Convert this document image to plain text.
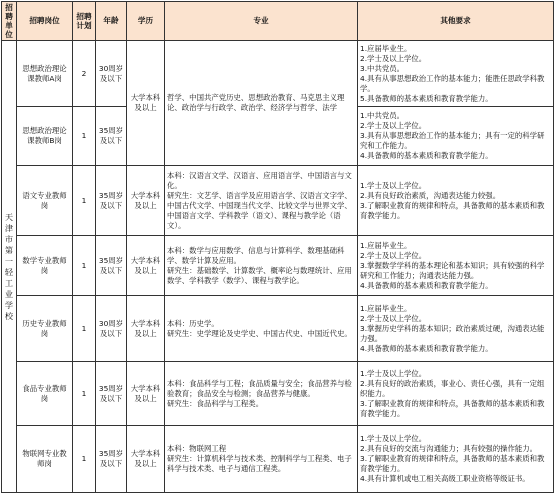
招聘单位	招聘岗位	招聘计划	年龄	学历	专业	其他要求
天津市第一轻工业学校	思想政治理论课教师A岗	2	30周岁及以下	大学本科及以上	哲学、中国共产党历史、思想政治教育、马克思主义理论、政治学与行政学、政治学、经济学与哲学、法学	1.应届毕业生。
2.学士及以上学位。
3.中共党员。
4.具有从事思想政治工作的基本能力；能胜任思政学科教学。
5.具备教师的基本素质和教育教学能力。

	思想政治理论课教师B岗	1	35周岁及以下			1.中共党员。
2.学士及以上学位。
3.具有从事思想政治工作的基本能力；具有一定的科学研究和工作能力。
4.具备教师的基本素质和教育教学能力。

	语文专业教师岗	1	35周岁及以下	大学本科及以上	本科：汉语言文学、汉语言、应用语言学、中国语言与文化。
研究生：文艺学、语言学及应用语言学、汉语言文字学、中国古代文学、中国现当代文学、比较文学与世界文学、中国语言文学、学科教学（语文）、课程与教学论（语文）。	1.学士及以上学位。
2.具有良好政治素质，沟通表达能力较强。
3.了解职业教育的规律和特点，具备教师的基本素质和教育教学能力。

	数学专业教师岗	1	35周岁及以下	大学本科及以上	本科：数学与应用数学、信息与计算科学、数理基础科学、数学计算及应用。
研究生：基础数学、计算数学、概率论与数理统计、应用数学、学科教学（数学）、课程与教学论。	1.应届毕业生。
2.学士及以上学位。
3.掌握数学学科的基本理论和基本知识；具有较强的科学研究和工作能力；沟通表达能力强。
4.具备教师的基本素质和教育教学能力。

	历史专业教师岗	1	30周岁及以下	大学本科及以上	本科：历史学。
研究生：史学理论及史学史、中国古代史、中国近代史。	1.应届毕业生。
2.学士及以上学位。
3.掌握历史学科的基本知识；政治素质过硬，沟通表达能力强。
4.具备教师的基本素质和教育教学能力。

	食品专业教师岗	1	35周岁及以下	大学本科及以上	本科：食品科学与工程；食品质量与安全；食品营养与检验教育；食品安全与检测；食品营养与健康。
研究生：食品科学与工程类。	1.学士及以上学位。
2.具有良好的政治素质，事业心、责任心强，具有一定组织能力。
3.了解职业教育的规律和特点，具备教师的基本素质和教育教学能力。

	物联网专业教师岗	1	35周岁及以下	大学本科及以上	本科：物联网工程
研究生：计算机科学与技术类、控制科学与工程类、电子科学与技术类、电子与通信工程类。	1.学士及以上学位。
2.具有良好的交流与沟通能力；具有较强的操作能力。
3.了解职业教育的规律和特点，具备教师的基本素质和教育教学能力。
4.具有计算机或电工相关高级工职业资格等级证书。
